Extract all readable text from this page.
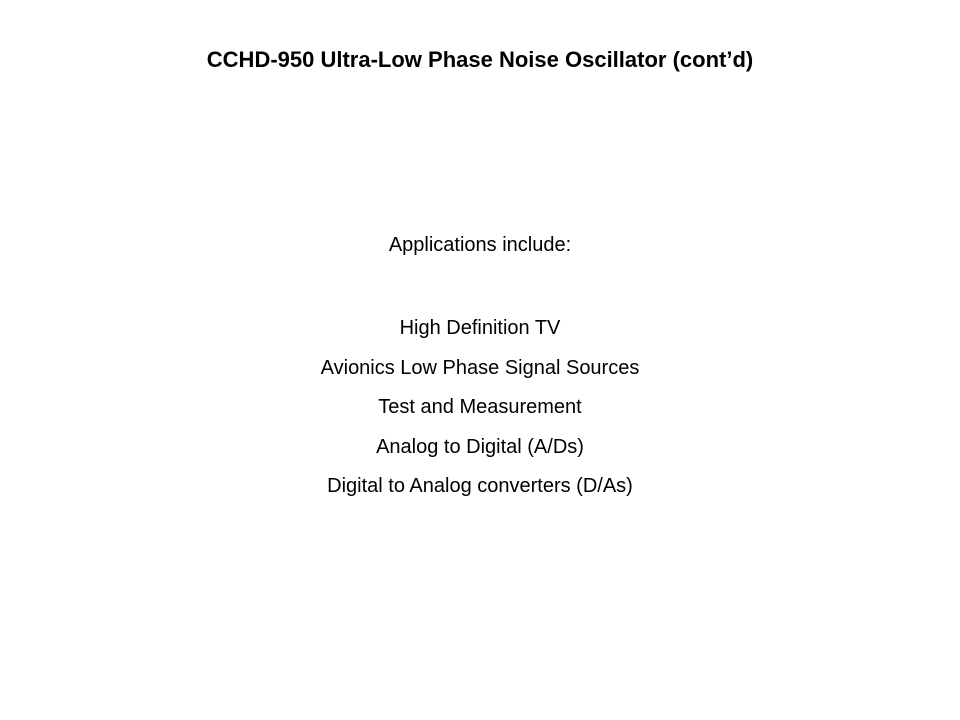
CCHD-950 Ultra-Low Phase Noise Oscillator (cont’d)

Applications include:

High Definition TV
Avionics Low Phase Signal Sources
Test and Measurement
Analog to Digital (A/Ds)
Digital to Analog converters (D/As)
